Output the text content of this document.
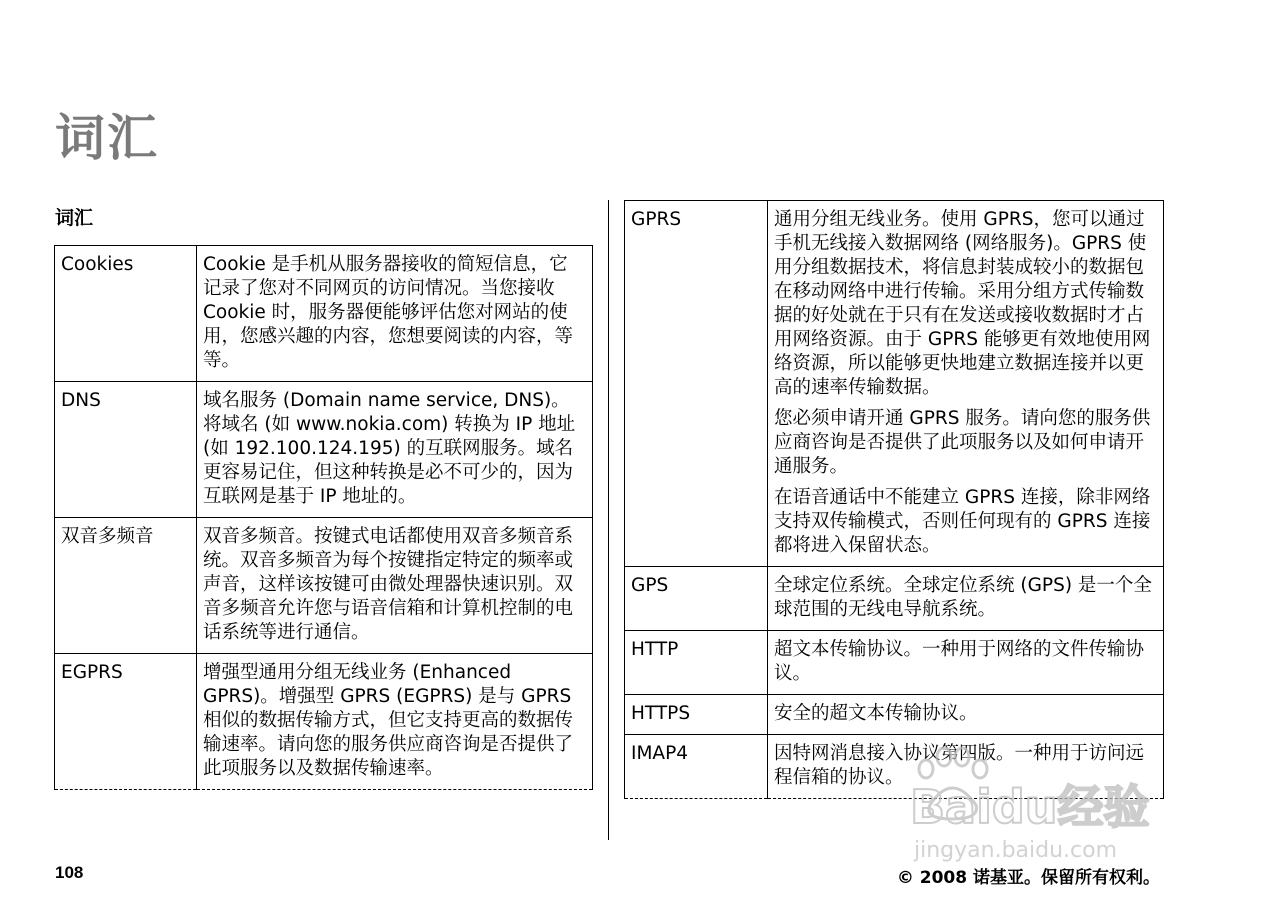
词汇
词汇
Cookies	Cookie 是手机从服务器接收的简短信息，它记录了您对不同网页的访问情况。当您接收 Cookie 时，服务器便能够评估您对网站的使用，您感兴趣的内容，您想要阅读的内容，等等。

DNS	域名服务 (Domain name service, DNS)。将域名 (如 www.nokia.com) 转换为 IP 地址 (如 192.100.124.195) 的互联网服务。域名更容易记住，但这种转换是必不可少的，因为互联网是基于 IP 地址的。

双音多频音	双音多频音。按键式电话都使用双音多频音系统。双音多频音为每个按键指定特定的频率或声音，这样该按键可由微处理器快速识别。双音多频音允许您与语音信箱和计算机控制的电话系统等进行通信。

EGPRS	增强型通用分组无线业务 (Enhanced GPRS)。增强型 GPRS (EGPRS) 是与 GPRS 相似的数据传输方式，但它支持更高的数据传输速率。请向您的服务供应商咨询是否提供了此项服务以及数据传输速率。

GPRS	通用分组无线业务。使用 GPRS，您可以通过手机无线接入数据网络 (网络服务)。GPRS 使用分组数据技术，将信息封装成较小的数据包在移动网络中进行传输。采用分组方式传输数据的好处就在于只有在发送或接收数据时才占用网络资源。由于 GPRS 能够更有效地使用网络资源，所以能够更快地建立数据连接并以更高的速率传输数据。

您必须申请开通 GPRS 服务。请向您的服务供应商咨询是否提供了此项服务以及如何申请开通服务。

在语音通话中不能建立 GPRS 连接，除非网络支持双传输模式，否则任何现有的 GPRS 连接都将进入保留状态。

GPS	全球定位系统。全球定位系统 (GPS) 是一个全球范围的无线电导航系统。

HTTP	超文本传输协议。一种用于网络的文件传输协议。

HTTPS	安全的超文本传输协议。

IMAP4	因特网消息接入协议第四版。一种用于访问远程信箱的协议。

108	© 2008 诺基亚。保留所有权利。
Baidu经验
jingyan.baidu.com
